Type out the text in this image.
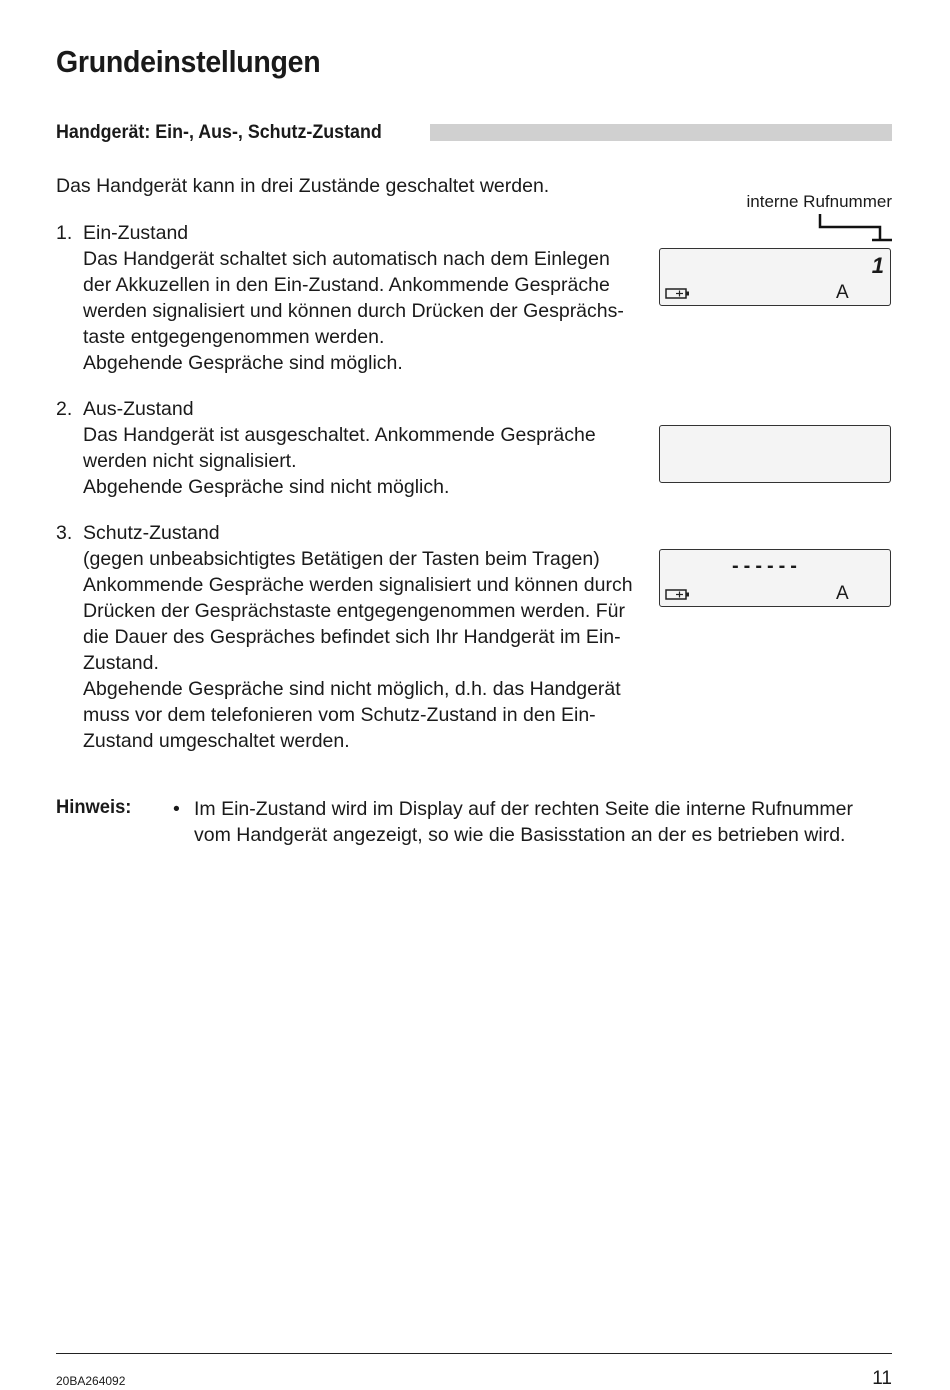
Grundeinstellungen
Handgerät: Ein-, Aus-, Schutz-Zustand
Das Handgerät kann in drei Zustände geschaltet werden.
1. Ein-Zustand
Das Handgerät schaltet sich automatisch nach dem Einlegen
der Akkuzellen in den Ein-Zustand. Ankommende Gespräche
werden signalisiert und können durch Drücken der Gesprächs-
taste entgegengenommen werden.
Abgehende Gespräche sind möglich.
2. Aus-Zustand
Das Handgerät ist ausgeschaltet. Ankommende Gespräche
werden nicht signalisiert.
Abgehende Gespräche sind nicht möglich.
3. Schutz-Zustand
(gegen unbeabsichtigtes Betätigen der Tasten beim Tragen)
Ankommende Gespräche werden signalisiert und können durch
Drücken der Gesprächstaste entgegengenommen werden. Für
die Dauer des Gespräches befindet sich Ihr Handgerät im Ein-
Zustand.
Abgehende Gespräche sind nicht möglich, d.h. das Handgerät
muss vor dem telefonieren vom Schutz-Zustand in den Ein-
Zustand umgeschaltet werden.
interne Rufnummer
1
A
------
A
Hinweis: • Im Ein-Zustand wird im Display auf der rechten Seite die interne Rufnummer
vom Handgerät angezeigt, so wie die Basisstation an der es betrieben wird.
20BA264092	11
